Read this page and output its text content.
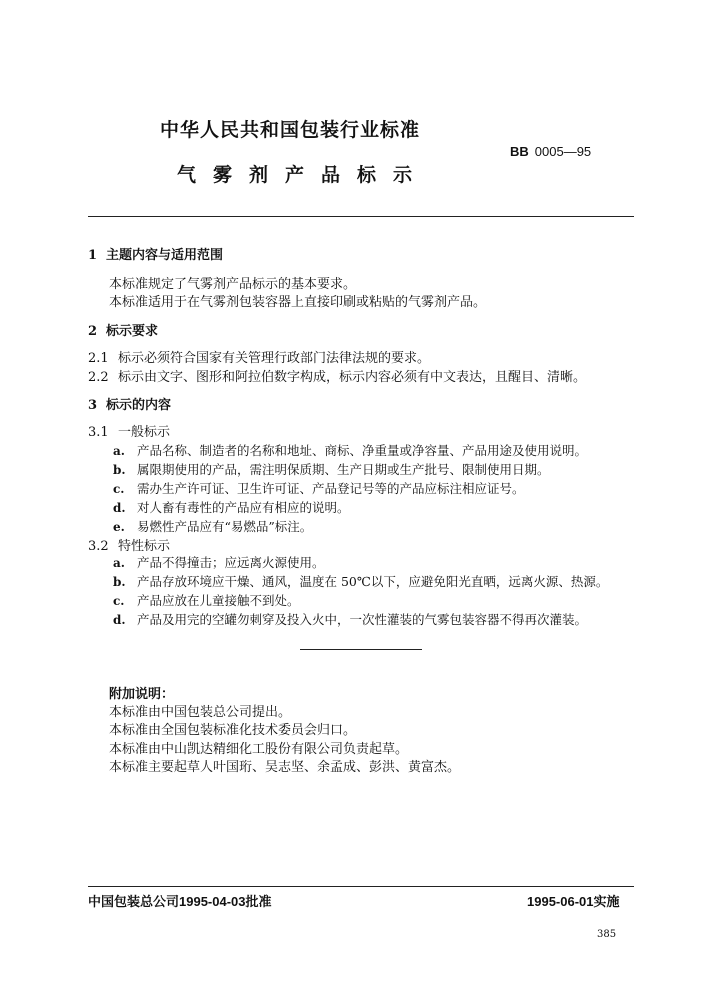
中华人民共和国包装行业标准
BB 0005—95
气雾剂产品标示
1 主题内容与适用范围
本标准规定了气雾剂产品标示的基本要求。
本标准适用于在气雾剂包装容器上直接印刷或粘贴的气雾剂产品。
2 标示要求
2.1 标示必须符合国家有关管理行政部门法律法规的要求。
2.2 标示由文字、图形和阿拉伯数字构成，标示内容必须有中文表达，且醒目、清晰。
3 标示的内容
3.1 一般标示
a. 产品名称、制造者的名称和地址、商标、净重量或净容量、产品用途及使用说明。
b. 属限期使用的产品，需注明保质期、生产日期或生产批号、限制使用日期。
c. 需办生产许可证、卫生许可证、产品登记号等的产品应标注相应证号。
d. 对人畜有毒性的产品应有相应的说明。
e. 易燃性产品应有“易燃品”标注。
3.2 特性标示
a. 产品不得撞击；应远离火源使用。
b. 产品存放环境应干燥、通风，温度在 50℃以下，应避免阳光直晒，远离火源、热源。
c. 产品应放在儿童接触不到处。
d. 产品及用完的空罐勿刺穿及投入火中，一次性灌装的气雾包装容器不得再次灌装。
附加说明：
本标准由中国包装总公司提出。
本标准由全国包装标准化技术委员会归口。
本标准由中山凯达精细化工股份有限公司负责起草。
本标准主要起草人叶国珩、吴志坚、余孟成、彭洪、黄富杰。
中国包装总公司1995-04-03批准	1995-06-01实施
385
